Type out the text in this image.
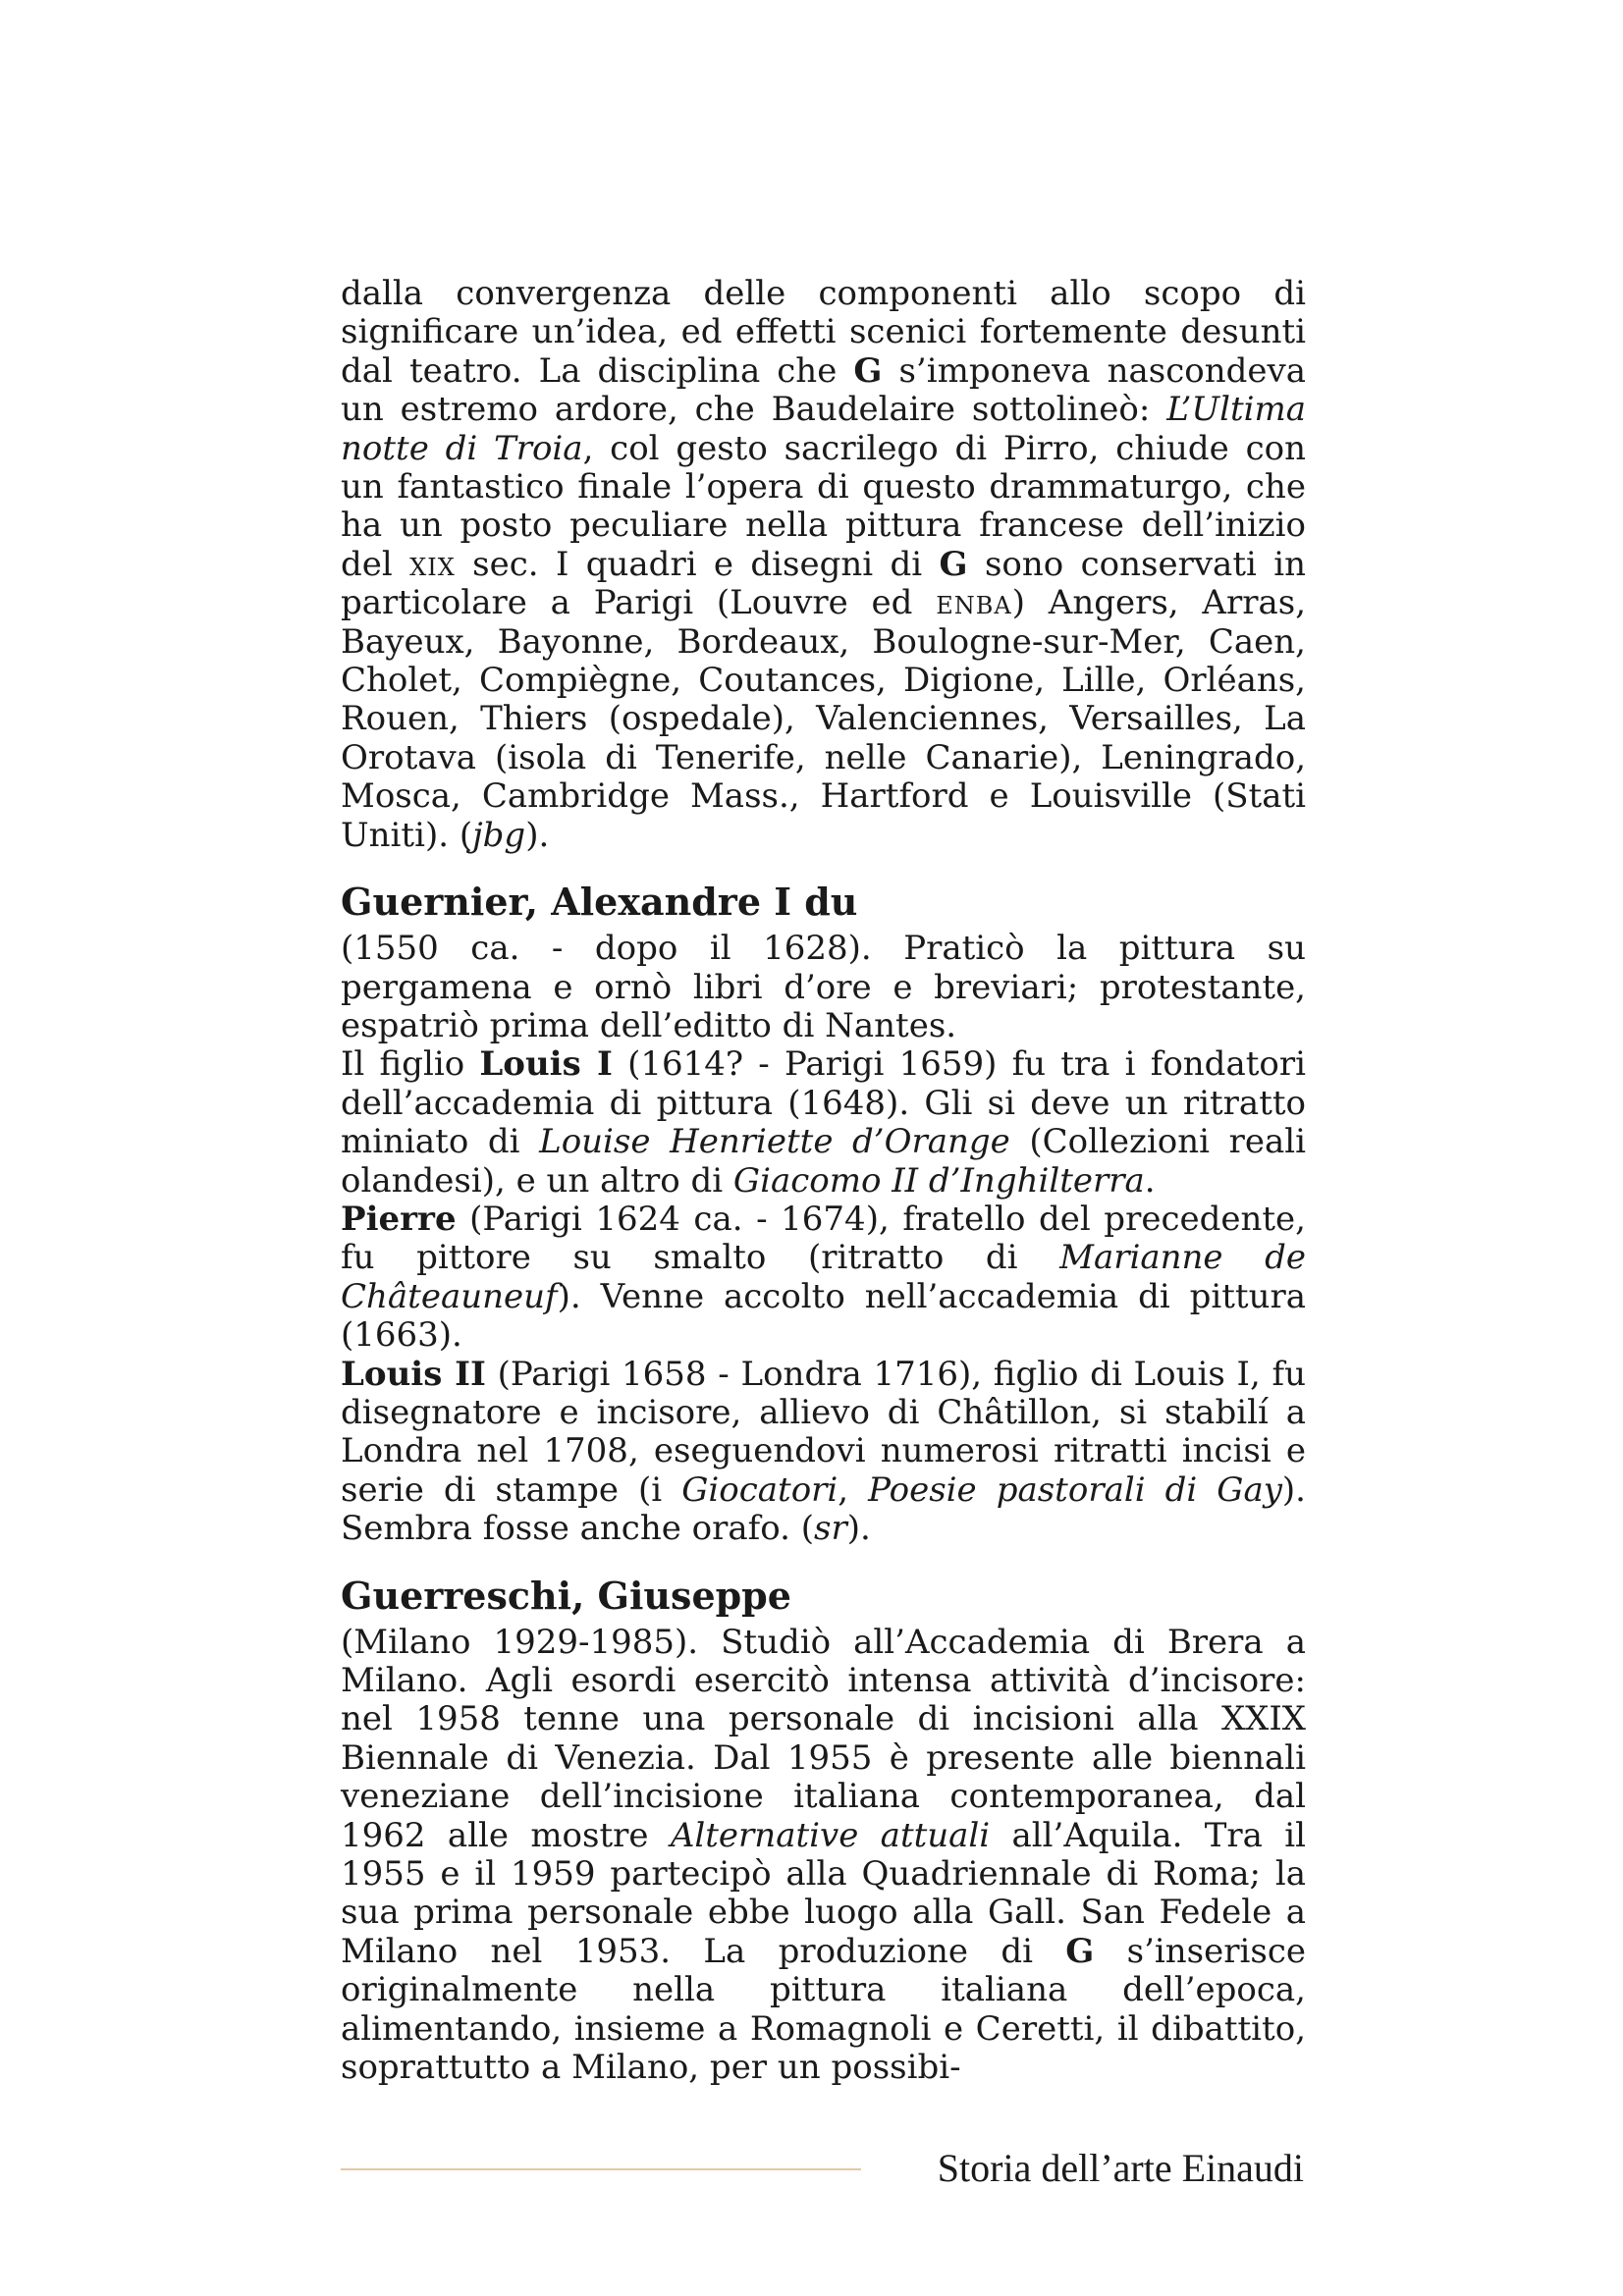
dalla convergenza delle componenti allo scopo di significare un’idea, ed effetti scenici fortemente desunti dal teatro. La disciplina che G s’imponeva nascondeva un estremo ardore, che Baudelaire sottolineò: L’Ultima notte di Troia, col gesto sacrilego di Pirro, chiude con un fantastico finale l’opera di questo drammaturgo, che ha un posto peculiare nella pittura francese dell’inizio del xix sec. I quadri e disegni di G sono conservati in particolare a Parigi (Louvre ed enba) Angers, Arras, Bayeux, Bayonne, Bordeaux, Boulogne-sur-Mer, Caen, Cholet, Compiègne, Coutances, Digione, Lille, Orléans, Rouen, Thiers (ospedale), Valenciennes, Versailles, La Orotava (isola di Tenerife, nelle Canarie), Leningrado, Mosca, Cambridge Mass., Hartford e Louisville (Stati Uniti). (jbg).

Guernier, Alexandre I du

(1550 ca. - dopo il 1628). Praticò la pittura su pergamena e ornò libri d’ore e breviari; protestante, espatriò prima dell’editto di Nantes.

Il figlio Louis I (1614? - Parigi 1659) fu tra i fondatori dell’accademia di pittura (1648). Gli si deve un ritratto miniato di Louise Henriette d’Orange (Collezioni reali olandesi), e un altro di Giacomo II d’Inghilterra.

Pierre (Parigi 1624 ca. - 1674), fratello del precedente, fu pittore su smalto (ritratto di Marianne de Châteauneuf). Venne accolto nell’accademia di pittura (1663).

Louis II (Parigi 1658 - Londra 1716), figlio di Louis I, fu disegnatore e incisore, allievo di Châtillon, si stabilí a Londra nel 1708, eseguendovi numerosi ritratti incisi e serie di stampe (i Giocatori, Poesie pastorali di Gay). Sembra fosse anche orafo. (sr).

Guerreschi, Giuseppe

(Milano 1929-1985). Studiò all’Accademia di Brera a Milano. Agli esordi esercitò intensa attività d’incisore: nel 1958 tenne una personale di incisioni alla XXIX Biennale di Venezia. Dal 1955 è presente alle biennali veneziane dell’incisione italiana contemporanea, dal 1962 alle mostre Alternative attuali all’Aquila. Tra il 1955 e il 1959 partecipò alla Quadriennale di Roma; la sua prima personale ebbe luogo alla Gall. San Fedele a Milano nel 1953. La produzione di G s’inserisce originalmente nella pittura italiana dell’epoca, alimentando, insieme a Romagnoli e Ceretti, il dibattito, soprattutto a Milano, per un possibi-

Storia dell’arte Einaudi
